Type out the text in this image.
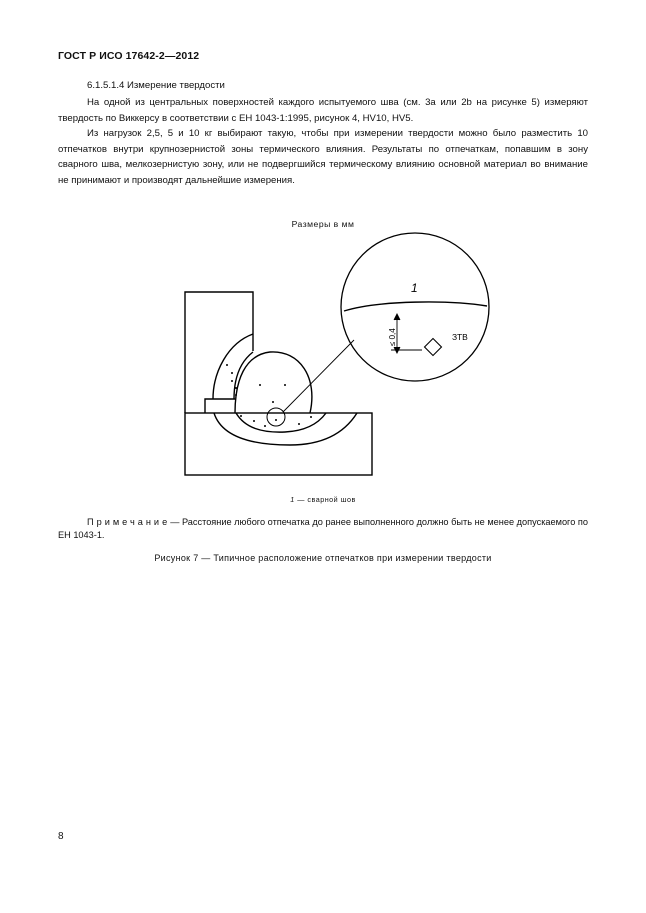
ГОСТ Р ИСО 17642-2—2012
6.1.5.1.4 Измерение твердости

На одной из центральных поверхностей каждого испытуемого шва (см. 3а или 2b на рисунке 5) измеряют твердость по Виккерсу в соответствии с ЕН 1043-1:1995, рисунок 4, HV10, HV5.

Из нагрузок 2,5, 5 и 10 кг выбирают такую, чтобы при измерении твердости можно было разместить 10 отпечатков внутри крупнозернистой зоны термического влияния. Результаты по отпечаткам, попавшим в зону сварного шва, мелкозернистую зону, или не подвергшийся термическому влиянию основной материал во внимание не принимают и производят дальнейшие измерения.

Размеры в мм
1
≤ 0,4	ЗТВ
1 — сварной шов

Примечание— Расстояние любого отпечатка до ранее выполненного должно быть не менее допускаемого по ЕН 1043-1.

Рисунок 7 — Типичное расположение отпечатков при измерении твердости
8
